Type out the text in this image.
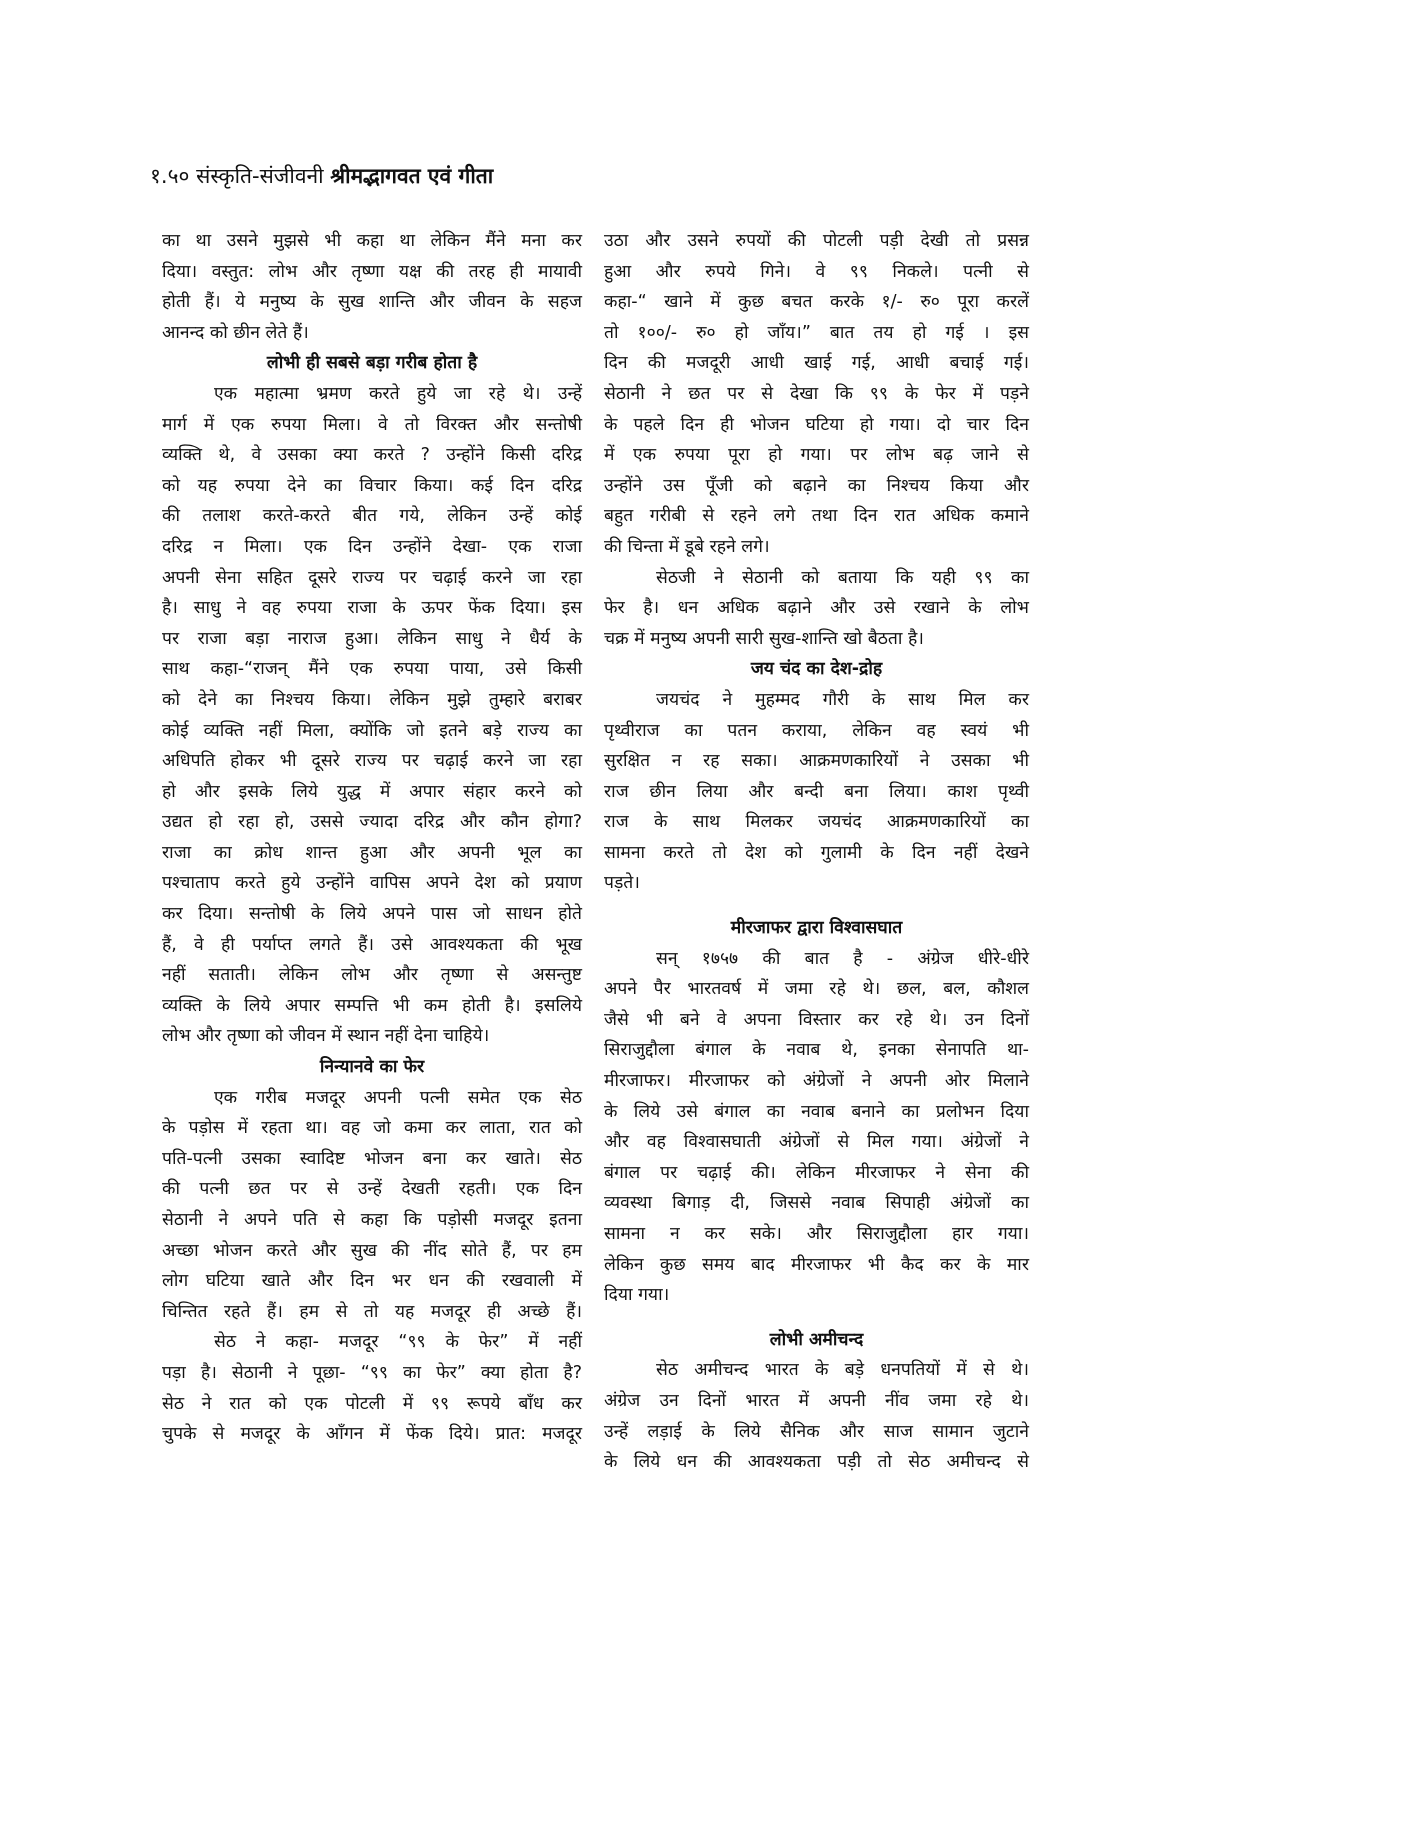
१.५० संस्कृति-संजीवनी श्रीमद्भागवत एवं गीता
का था उसने मुझसे भी कहा था लेकिन मैंने मना कर
दिया। वस्तुत: लोभ और तृष्णा यक्ष की तरह ही मायावी
होती हैं। ये मनुष्य के सुख शान्ति और जीवन के सहज
आनन्द को छीन लेते हैं।
लोभी ही सबसे बड़ा गरीब होता है
एक महात्मा भ्रमण करते हुये जा रहे थे। उन्हें
मार्ग में एक रुपया मिला। वे तो विरक्त और सन्तोषी
व्यक्ति थे, वे उसका क्या करते ? उन्होंने किसी दरिद्र
को यह रुपया देने का विचार किया। कई दिन दरिद्र
की तलाश करते-करते बीत गये, लेकिन उन्हें कोई
दरिद्र न मिला। एक दिन उन्होंने देखा- एक राजा
अपनी सेना सहित दूसरे राज्य पर चढ़ाई करने जा रहा
है। साधु ने वह रुपया राजा के ऊपर फेंक दिया। इस
पर राजा बड़ा नाराज हुआ। लेकिन साधु ने धैर्य के
साथ कहा-“राजन् मैंने एक रुपया पाया, उसे किसी
को देने का निश्चय किया। लेकिन मुझे तुम्हारे बराबर
कोई व्यक्ति नहीं मिला, क्योंकि जो इतने बड़े राज्य का
अधिपति होकर भी दूसरे राज्य पर चढ़ाई करने जा रहा
हो और इसके लिये युद्ध में अपार संहार करने को
उद्यत हो रहा हो, उससे ज्यादा दरिद्र और कौन होगा?
राजा का क्रोध शान्त हुआ और अपनी भूल का
पश्चाताप करते हुये उन्होंने वापिस अपने देश को प्रयाण
कर दिया। सन्तोषी के लिये अपने पास जो साधन होते
हैं, वे ही पर्याप्त लगते हैं। उसे आवश्यकता की भूख
नहीं सताती। लेकिन लोभ और तृष्णा से असन्तुष्ट
व्यक्ति के लिये अपार सम्पत्ति भी कम होती है। इसलिये
लोभ और तृष्णा को जीवन में स्थान नहीं देना चाहिये।
निन्यानवे का फेर
एक गरीब मजदूर अपनी पत्नी समेत एक सेठ
के पड़ोस में रहता था। वह जो कमा कर लाता, रात को
पति-पत्नी उसका स्वादिष्ट भोजन बना कर खाते। सेठ
की पत्नी छत पर से उन्हें देखती रहती। एक दिन
सेठानी ने अपने पति से कहा कि पड़ोसी मजदूर इतना
अच्छा भोजन करते और सुख की नींद सोते हैं, पर हम
लोग घटिया खाते और दिन भर धन की रखवाली में
चिन्तित रहते हैं। हम से तो यह मजदूर ही अच्छे हैं।
सेठ ने कहा- मजदूर “९९ के फेर” में नहीं
पड़ा है। सेठानी ने पूछा- “९९ का फेर” क्या होता है?
सेठ ने रात को एक पोटली में ९९ रूपये बाँध कर
चुपके से मजदूर के आँगन में फेंक दिये। प्रात: मजदूर
उठा और उसने रुपयों की पोटली पड़ी देखी तो प्रसन्न
हुआ और रुपये गिने। वे ९९ निकले। पत्नी से
कहा-“ खाने में कुछ बचत करके १/- रु० पूरा करलें
तो १००/- रु० हो जाँय।” बात तय हो गई । इस
दिन की मजदूरी आधी खाई गई, आधी बचाई गई।
सेठानी ने छत पर से देखा कि ९९ के फेर में पड़ने
के पहले दिन ही भोजन घटिया हो गया। दो चार दिन
में एक रुपया पूरा हो गया। पर लोभ बढ़ जाने से
उन्होंने उस पूँजी को बढ़ाने का निश्चय किया और
बहुत गरीबी से रहने लगे तथा दिन रात अधिक कमाने
की चिन्ता में डूबे रहने लगे।
सेठजी ने सेठानी को बताया कि यही ९९ का
फेर है। धन अधिक बढ़ाने और उसे रखाने के लोभ
चक्र में मनुष्य अपनी सारी सुख-शान्ति खो बैठता है।
जय चंद का देश-द्रोह
जयचंद ने मुहम्मद गौरी के साथ मिल कर
पृथ्वीराज का पतन कराया, लेकिन वह स्वयं भी
सुरक्षित न रह सका। आक्रमणकारियों ने उसका भी
राज छीन लिया और बन्दी बना लिया। काश पृथ्वी
राज के साथ मिलकर जयचंद आक्रमणकारियों का
सामना करते तो देश को गुलामी के दिन नहीं देखने
पड़ते।
मीरजाफर द्वारा विश्वासघात
सन् १७५७ की बात है - अंग्रेज धीरे-धीरे
अपने पैर भारतवर्ष में जमा रहे थे। छल, बल, कौशल
जैसे भी बने वे अपना विस्तार कर रहे थे। उन दिनों
सिराजुद्दौला बंगाल के नवाब थे, इनका सेनापति था-
मीरजाफर। मीरजाफर को अंग्रेजों ने अपनी ओर मिलाने
के लिये उसे बंगाल का नवाब बनाने का प्रलोभन दिया
और वह विश्वासघाती अंग्रेजों से मिल गया। अंग्रेजों ने
बंगाल पर चढ़ाई की। लेकिन मीरजाफर ने सेना की
व्यवस्था बिगाड़ दी, जिससे नवाब सिपाही अंग्रेजों का
सामना न कर सके। और सिराजुद्दौला हार गया।
लेकिन कुछ समय बाद मीरजाफर भी कैद कर के मार
दिया गया।
लोभी अमीचन्द
सेठ अमीचन्द भारत के बड़े धनपतियों में से थे।
अंग्रेज उन दिनों भारत में अपनी नींव जमा रहे थे।
उन्हें लड़ाई के लिये सैनिक और साज सामान जुटाने
के लिये धन की आवश्यकता पड़ी तो सेठ अमीचन्द से
